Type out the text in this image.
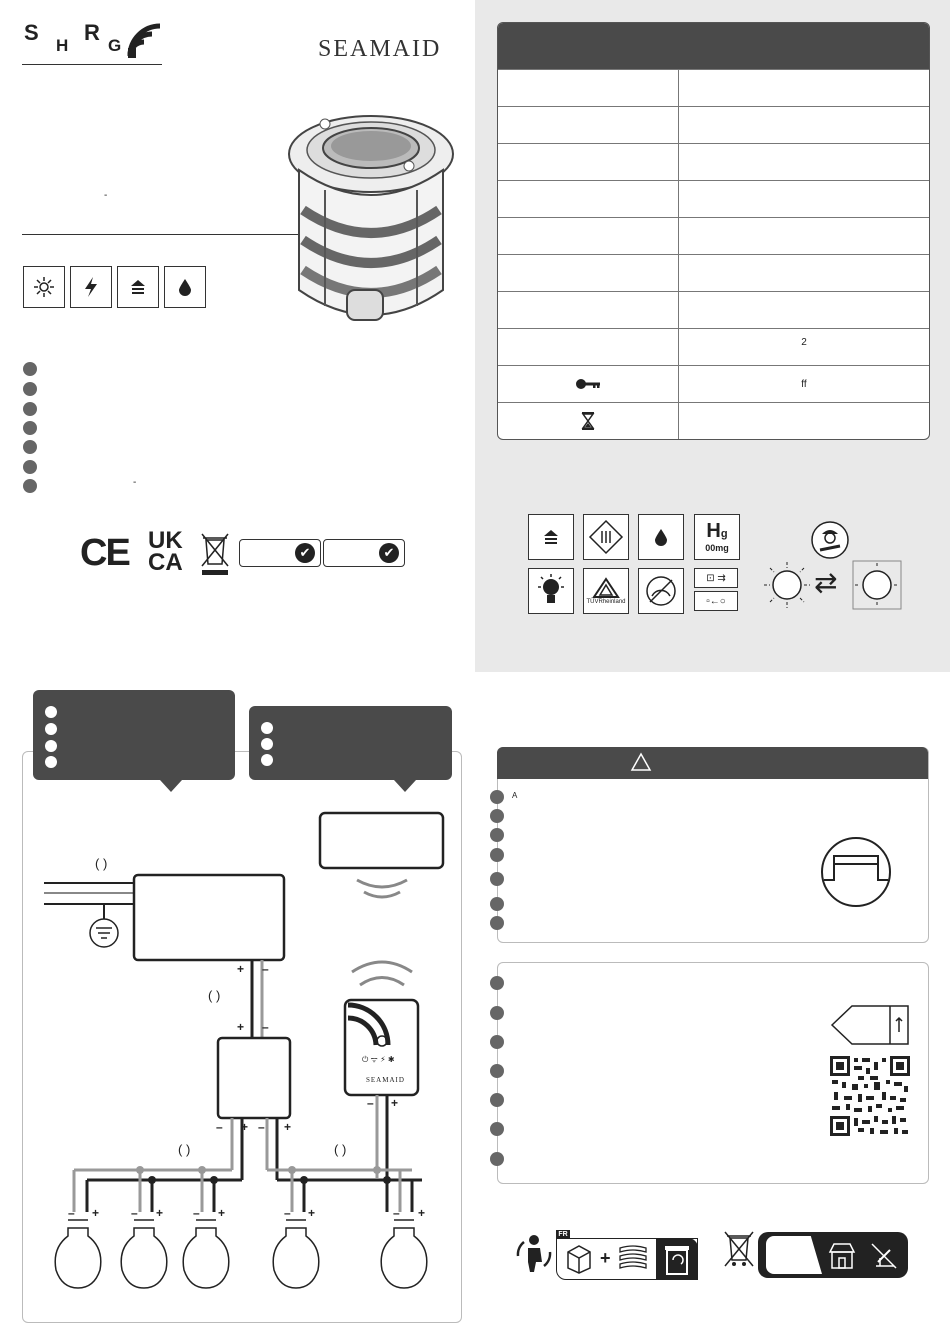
S
H
R
G	SEAMAID
-
-
CE UK
CA	✔	✔
2
ff
Hg
00mg
TÜVRheinland
⊡ ⇉
▫←○
⇄
( )
( )
( )	( )
+ –
+ –
– + – +
– +
– +	– + – +	– +	– +
⏻ ᯤ ⚡ ✱
SEAMAID
A
FR
+
